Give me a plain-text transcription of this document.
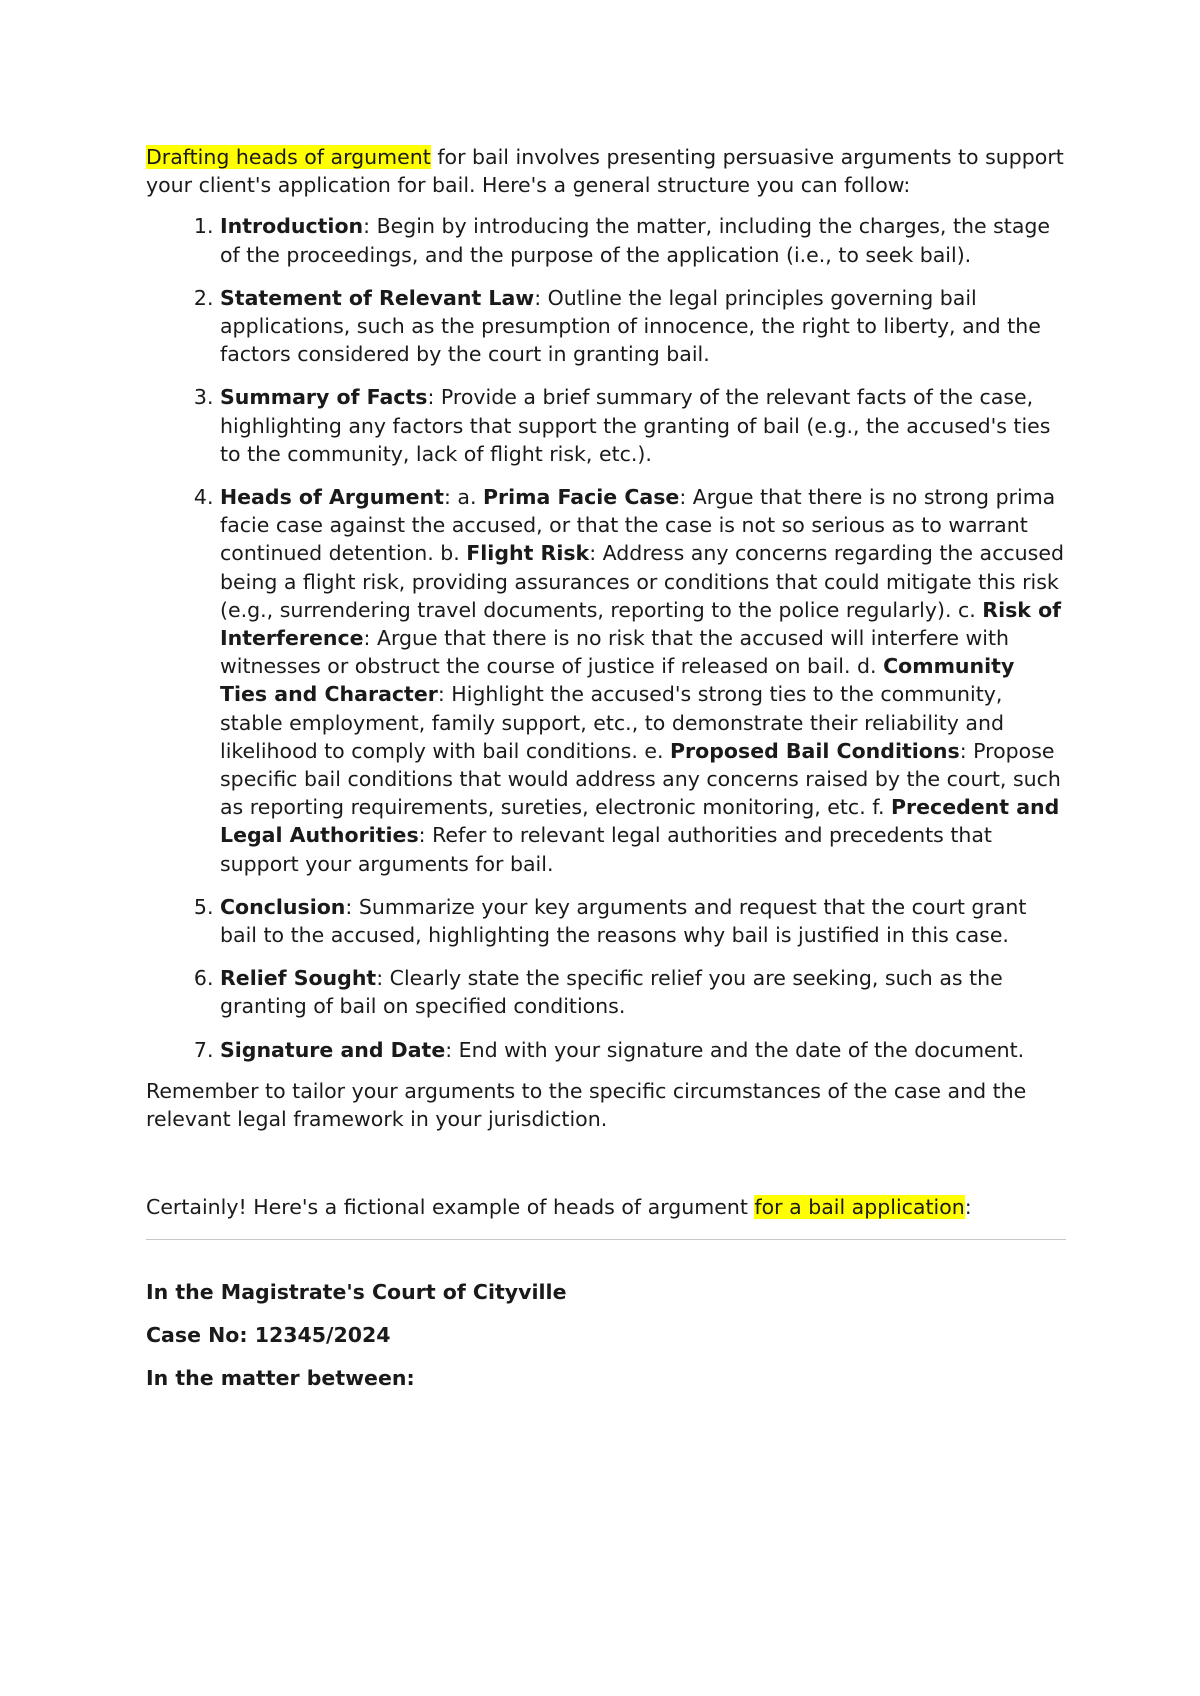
Drafting heads of argument for bail involves presenting persuasive arguments to support your client's application for bail. Here's a general structure you can follow:

1. Introduction: Begin by introducing the matter, including the charges, the stage of the proceedings, and the purpose of the application (i.e., to seek bail).
2. Statement of Relevant Law: Outline the legal principles governing bail applications, such as the presumption of innocence, the right to liberty, and the factors considered by the court in granting bail.
3. Summary of Facts: Provide a brief summary of the relevant facts of the case, highlighting any factors that support the granting of bail (e.g., the accused's ties to the community, lack of flight risk, etc.).
4. Heads of Argument: a. Prima Facie Case: Argue that there is no strong prima facie case against the accused, or that the case is not so serious as to warrant continued detention. b. Flight Risk: Address any concerns regarding the accused being a flight risk, providing assurances or conditions that could mitigate this risk (e.g., surrendering travel documents, reporting to the police regularly). c. Risk of Interference: Argue that there is no risk that the accused will interfere with witnesses or obstruct the course of justice if released on bail. d. Community Ties and Character: Highlight the accused's strong ties to the community, stable employment, family support, etc., to demonstrate their reliability and likelihood to comply with bail conditions. e. Proposed Bail Conditions: Propose specific bail conditions that would address any concerns raised by the court, such as reporting requirements, sureties, electronic monitoring, etc. f. Precedent and Legal Authorities: Refer to relevant legal authorities and precedents that support your arguments for bail.
5. Conclusion: Summarize your key arguments and request that the court grant bail to the accused, highlighting the reasons why bail is justified in this case.
6. Relief Sought: Clearly state the specific relief you are seeking, such as the granting of bail on specified conditions.
7. Signature and Date: End with your signature and the date of the document.

Remember to tailor your arguments to the specific circumstances of the case and the relevant legal framework in your jurisdiction.

Certainly! Here's a fictional example of heads of argument for a bail application:

In the Magistrate's Court of Cityville

Case No: 12345/2024

In the matter between:
